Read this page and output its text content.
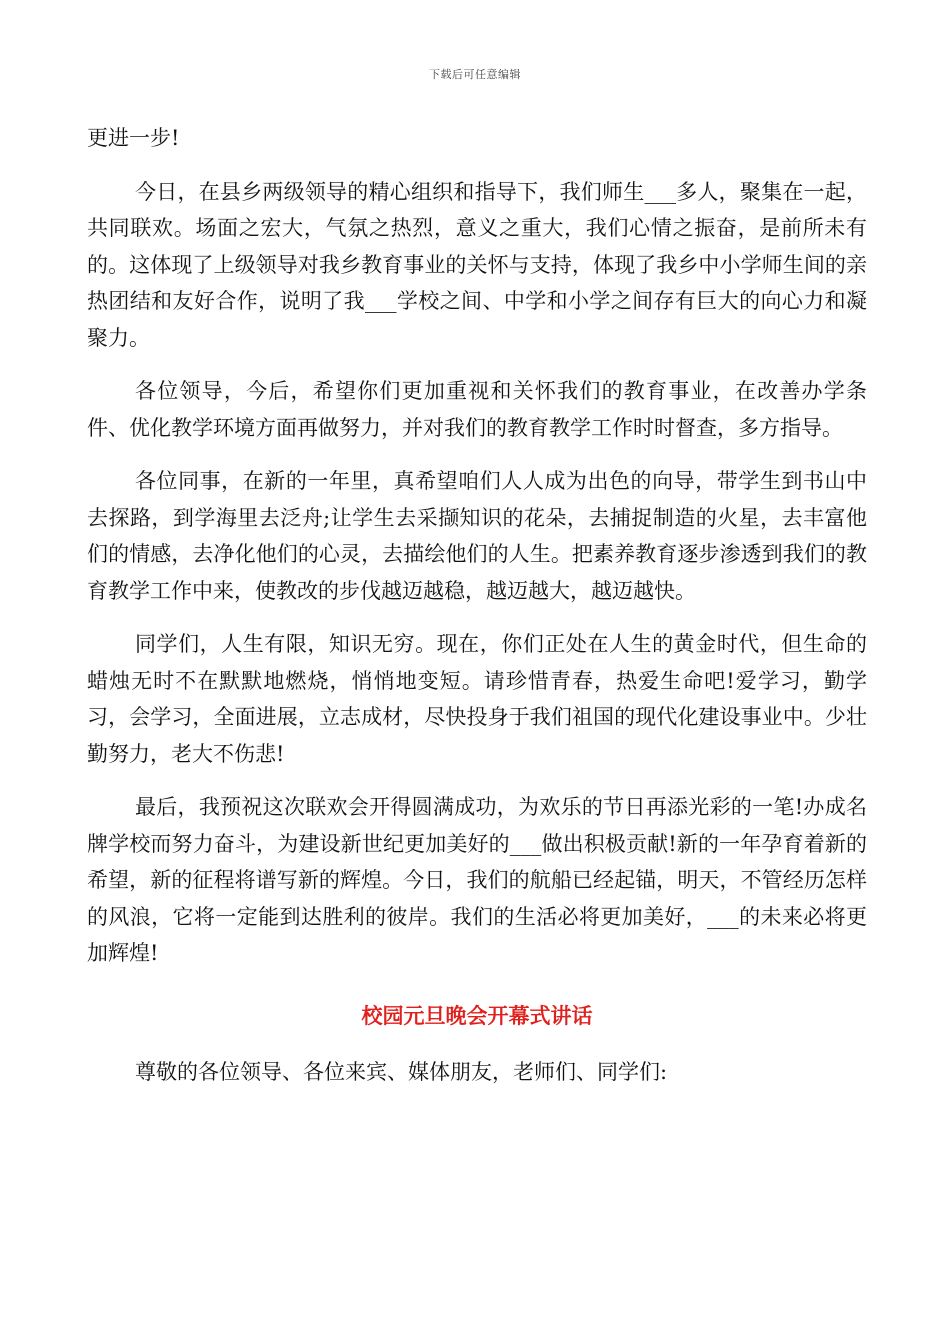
下载后可任意编辑

更进一步!

今日，在县乡两级领导的精心组织和指导下，我们师生___多人，聚集在一起，共同联欢。场面之宏大，气氛之热烈，意义之重大，我们心情之振奋，是前所未有的。这体现了上级领导对我乡教育事业的关怀与支持，体现了我乡中小学师生间的亲热团结和友好合作，说明了我___学校之间、中学和小学之间存有巨大的向心力和凝聚力。

各位领导，今后，希望你们更加重视和关怀我们的教育事业，在改善办学条件、优化教学环境方面再做努力，并对我们的教育教学工作时时督查，多方指导。

各位同事，在新的一年里，真希望咱们人人成为出色的向导，带学生到书山中去探路，到学海里去泛舟;让学生去采撷知识的花朵，去捕捉制造的火星，去丰富他们的情感，去净化他们的心灵，去描绘他们的人生。把素养教育逐步渗透到我们的教育教学工作中来，使教改的步伐越迈越稳，越迈越大，越迈越快。

同学们，人生有限，知识无穷。现在，你们正处在人生的黄金时代，但生命的蜡烛无时不在默默地燃烧，悄悄地变短。请珍惜青春，热爱生命吧!爱学习，勤学习，会学习，全面进展，立志成材，尽快投身于我们祖国的现代化建设事业中。少壮勤努力，老大不伤悲!

最后，我预祝这次联欢会开得圆满成功，为欢乐的节日再添光彩的一笔!办成名牌学校而努力奋斗，为建设新世纪更加美好的___做出积极贡献!新的一年孕育着新的希望，新的征程将谱写新的辉煌。今日，我们的航船已经起锚，明天，不管经历怎样的风浪，它将一定能到达胜利的彼岸。我们的生活必将更加美好，___的未来必将更加辉煌!

校园元旦晚会开幕式讲话

尊敬的各位领导、各位来宾、媒体朋友，老师们、同学们:
